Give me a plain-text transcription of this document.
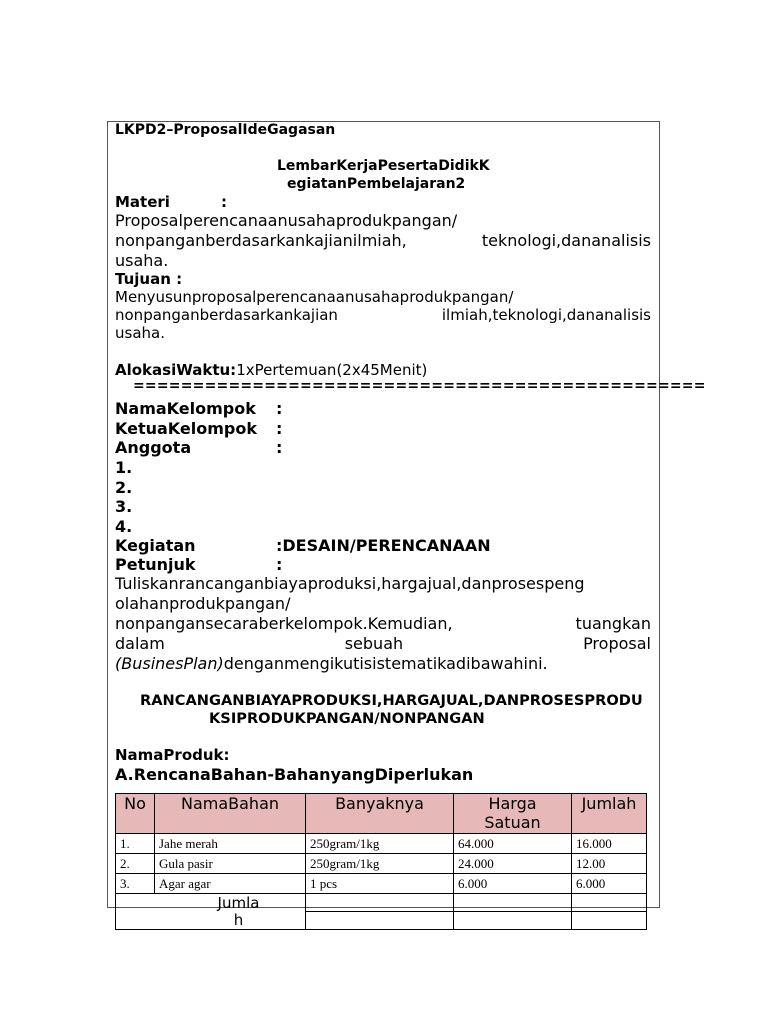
LKPD2–ProposalIdeGagasan
LembarKerjaPesertaDidikK
egiatanPembelajaran2
Materi	:
Proposalperencanaanusahaprodukpangan/
nonpanganberdasarkankajianilmiah,	teknologi,dananalisis
usaha.
Tujuan :
Menyusunproposalperencanaanusahaprodukpangan/
nonpanganberdasarkankajian	ilmiah,teknologi,dananalisis
usaha.
AlokasiWaktu:1xPertemuan(2x45Menit)
================================================
NamaKelompok :
KetuaKelompok :
Anggota	:
1.
2.
3.
4.
Kegiatan	:DESAIN/PERENCANAAN
Petunjuk	:
Tuliskanrancanganbiayaproduksi,hargajual,danprosespeng
olahanprodukpangan/
nonpangansecaraberkelompok.Kemudian,	tuangkan
dalam	sebuah	Proposal
(BusinesPlan)denganmengikutisistematikadibawahini.
RANCANGANBIAYAPRODUKSI,HARGAJUAL,DANPROSESPRODU
KSIPRODUKPANGAN/NONPANGAN
NamaProduk:
A.RencanaBahan-BahanyangDiperlukan
No	NamaBahan	Banyaknya	Harga Satuan	Jumlah
1.	Jahe merah	250gram/1kg	64.000	16.000
2.	Gula pasir	250gram/1kg	24.000	12.00
3.	Agar agar	1 pcs	6.000	6.000
Jumla h				
